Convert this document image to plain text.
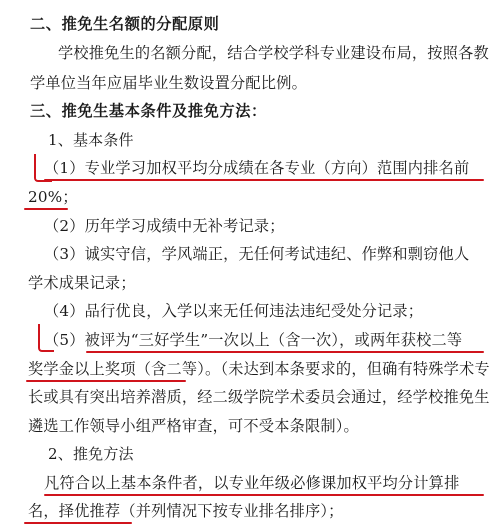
二、推免生名额的分配原则
学校推免生的名额分配，结合学校学科专业建设布局，按照各教
学单位当年应届毕业生数设置分配比例。
三、推免生基本条件及推免方法：
1、基本条件
（1）专业学习加权平均分成绩在各专业（方向）范围内排名前
20%；
（2）历年学习成绩中无补考记录；
（3）诚实守信，学风端正，无任何考试违纪、作弊和剽窃他人
学术成果记录；
（4）品行优良，入学以来无任何违法违纪受处分记录；
（5）被评为“三好学生”一次以上（含一次），或两年获校二等
奖学金以上奖项（含二等）。（未达到本条要求的，但确有特殊学术专
长或具有突出培养潜质，经二级学院学术委员会通过，经学校推免生
遴选工作领导小组严格审查，可不受本条限制）。
2、推免方法
凡符合以上基本条件者，以专业年级必修课加权平均分计算排
名，择优推荐（并列情况下按专业排名排序）；
